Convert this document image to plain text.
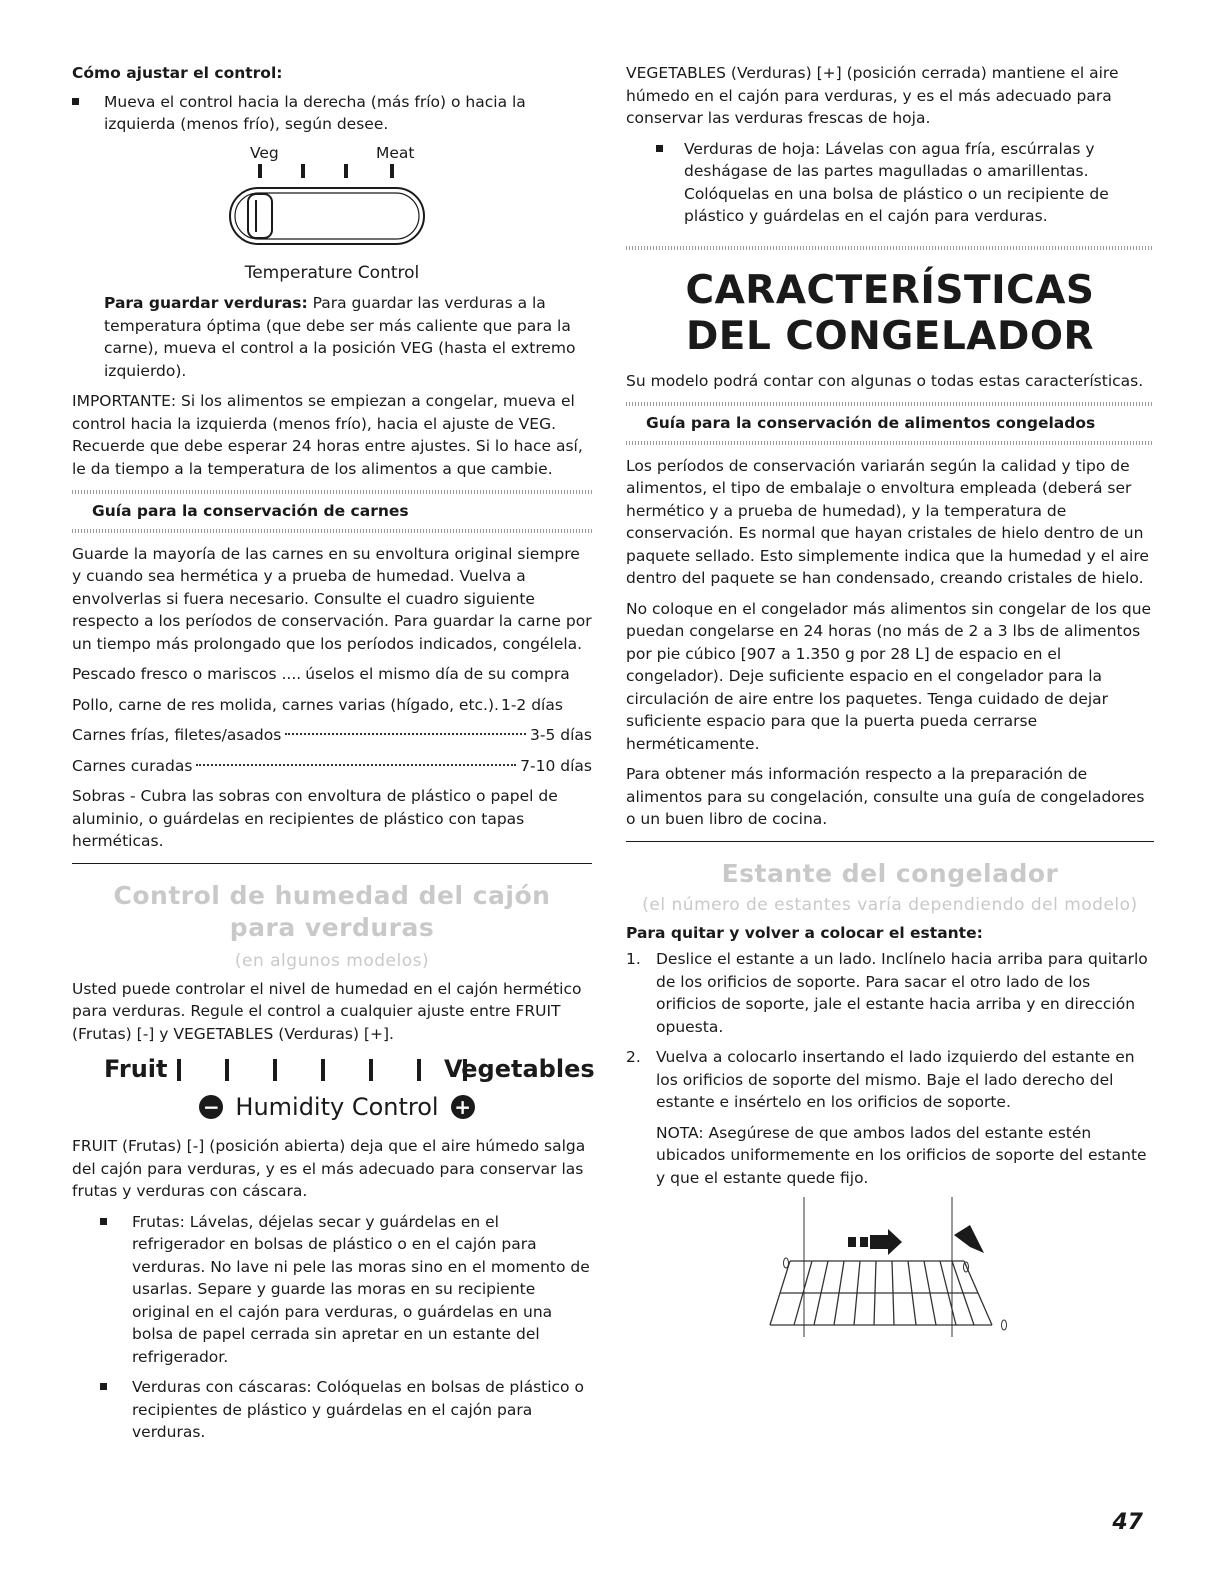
Cómo ajustar el control:
Mueva el control hacia la derecha (más frío) o hacia la izquierda (menos frío), según desee.
Veg	Meat
Temperature Control

Para guardar verduras: Para guardar las verduras a la temperatura óptima (que debe ser más caliente que para la carne), mueva el control a la posición VEG (hasta el extremo izquierdo).

IMPORTANTE: Si los alimentos se empiezan a congelar, mueva el control hacia la izquierda (menos frío), hacia el ajuste de VEG. Recuerde que debe esperar 24 horas entre ajustes. Si lo hace así, le da tiempo a la temperatura de los alimentos a que cambie.

Guía para la conservación de carnes

Guarde la mayoría de las carnes en su envoltura original siempre y cuando sea hermética y a prueba de humedad. Vuelva a envolverlas si fuera necesario. Consulte el cuadro siguiente respecto a los períodos de conservación. Para guardar la carne por un tiempo más prolongado que los períodos indicados, congélela.

Pescado fresco o mariscos .... úselos el mismo día de su compra
Pollo, carne de res molida, carnes varias (hígado, etc.). 1-2 días
Carnes frías, filetes/asados	3-5 días
Carnes curadas	7-10 días

Sobras - Cubra las sobras con envoltura de plástico o papel de aluminio, o guárdelas en recipientes de plástico con tapas herméticas.

Control de humedad del cajón
para verduras
(en algunos modelos)

Usted puede controlar el nivel de humedad en el cajón hermético para verduras. Regule el control a cualquier ajuste entre FRUIT (Frutas) [-] y VEGETABLES (Verduras) [+].

Fruit	Vegetables
− Humidity Control +

FRUIT (Frutas) [-] (posición abierta) deja que el aire húmedo salga del cajón para verduras, y es el más adecuado para conservar las frutas y verduras con cáscara.

Frutas: Lávelas, déjelas secar y guárdelas en el refrigerador en bolsas de plástico o en el cajón para verduras. No lave ni pele las moras sino en el momento de usarlas. Separe y guarde las moras en su recipiente original en el cajón para verduras, o guárdelas en una bolsa de papel cerrada sin apretar en un estante del refrigerador.
Verduras con cáscaras: Colóquelas en bolsas de plástico o recipientes de plástico y guárdelas en el cajón para verduras.

VEGETABLES (Verduras) [+] (posición cerrada) mantiene el aire húmedo en el cajón para verduras, y es el más adecuado para conservar las verduras frescas de hoja.

Verduras de hoja: Lávelas con agua fría, escúrralas y deshágase de las partes magulladas o amarillentas. Colóquelas en una bolsa de plástico o un recipiente de plástico y guárdelas en el cajón para verduras.
CARACTERÍSTICAS
DEL CONGELADOR

Su modelo podrá contar con algunas o todas estas características.

Guía para la conservación de alimentos congelados

Los períodos de conservación variarán según la calidad y tipo de alimentos, el tipo de embalaje o envoltura empleada (deberá ser hermético y a prueba de humedad), y la temperatura de conservación. Es normal que hayan cristales de hielo dentro de un paquete sellado. Esto simplemente indica que la humedad y el aire dentro del paquete se han condensado, creando cristales de hielo.

No coloque en el congelador más alimentos sin congelar de los que puedan congelarse en 24 horas (no más de 2 a 3 lbs de alimentos por pie cúbico [907 a 1.350 g por 28 L] de espacio en el congelador). Deje suficiente espacio en el congelador para la circulación de aire entre los paquetes. Tenga cuidado de dejar suficiente espacio para que la puerta pueda cerrarse herméticamente.

Para obtener más información respecto a la preparación de alimentos para su congelación, consulte una guía de congeladores o un buen libro de cocina.

Estante del congelador
(el número de estantes varía dependiendo del modelo)
Para quitar y volver a colocar el estante:
1. Deslice el estante a un lado. Inclínelo hacia arriba para quitarlo de los orificios de soporte. Para sacar el otro lado de los orificios de soporte, jale el estante hacia arriba y en dirección opuesta.
2. Vuelva a colocarlo insertando el lado izquierdo del estante en los orificios de soporte del mismo. Baje el lado derecho del estante e insértelo en los orificios de soporte.

NOTA: Asegúrese de que ambos lados del estante estén ubicados uniformemente en los orificios de soporte del estante y que el estante quede fijo.

47
